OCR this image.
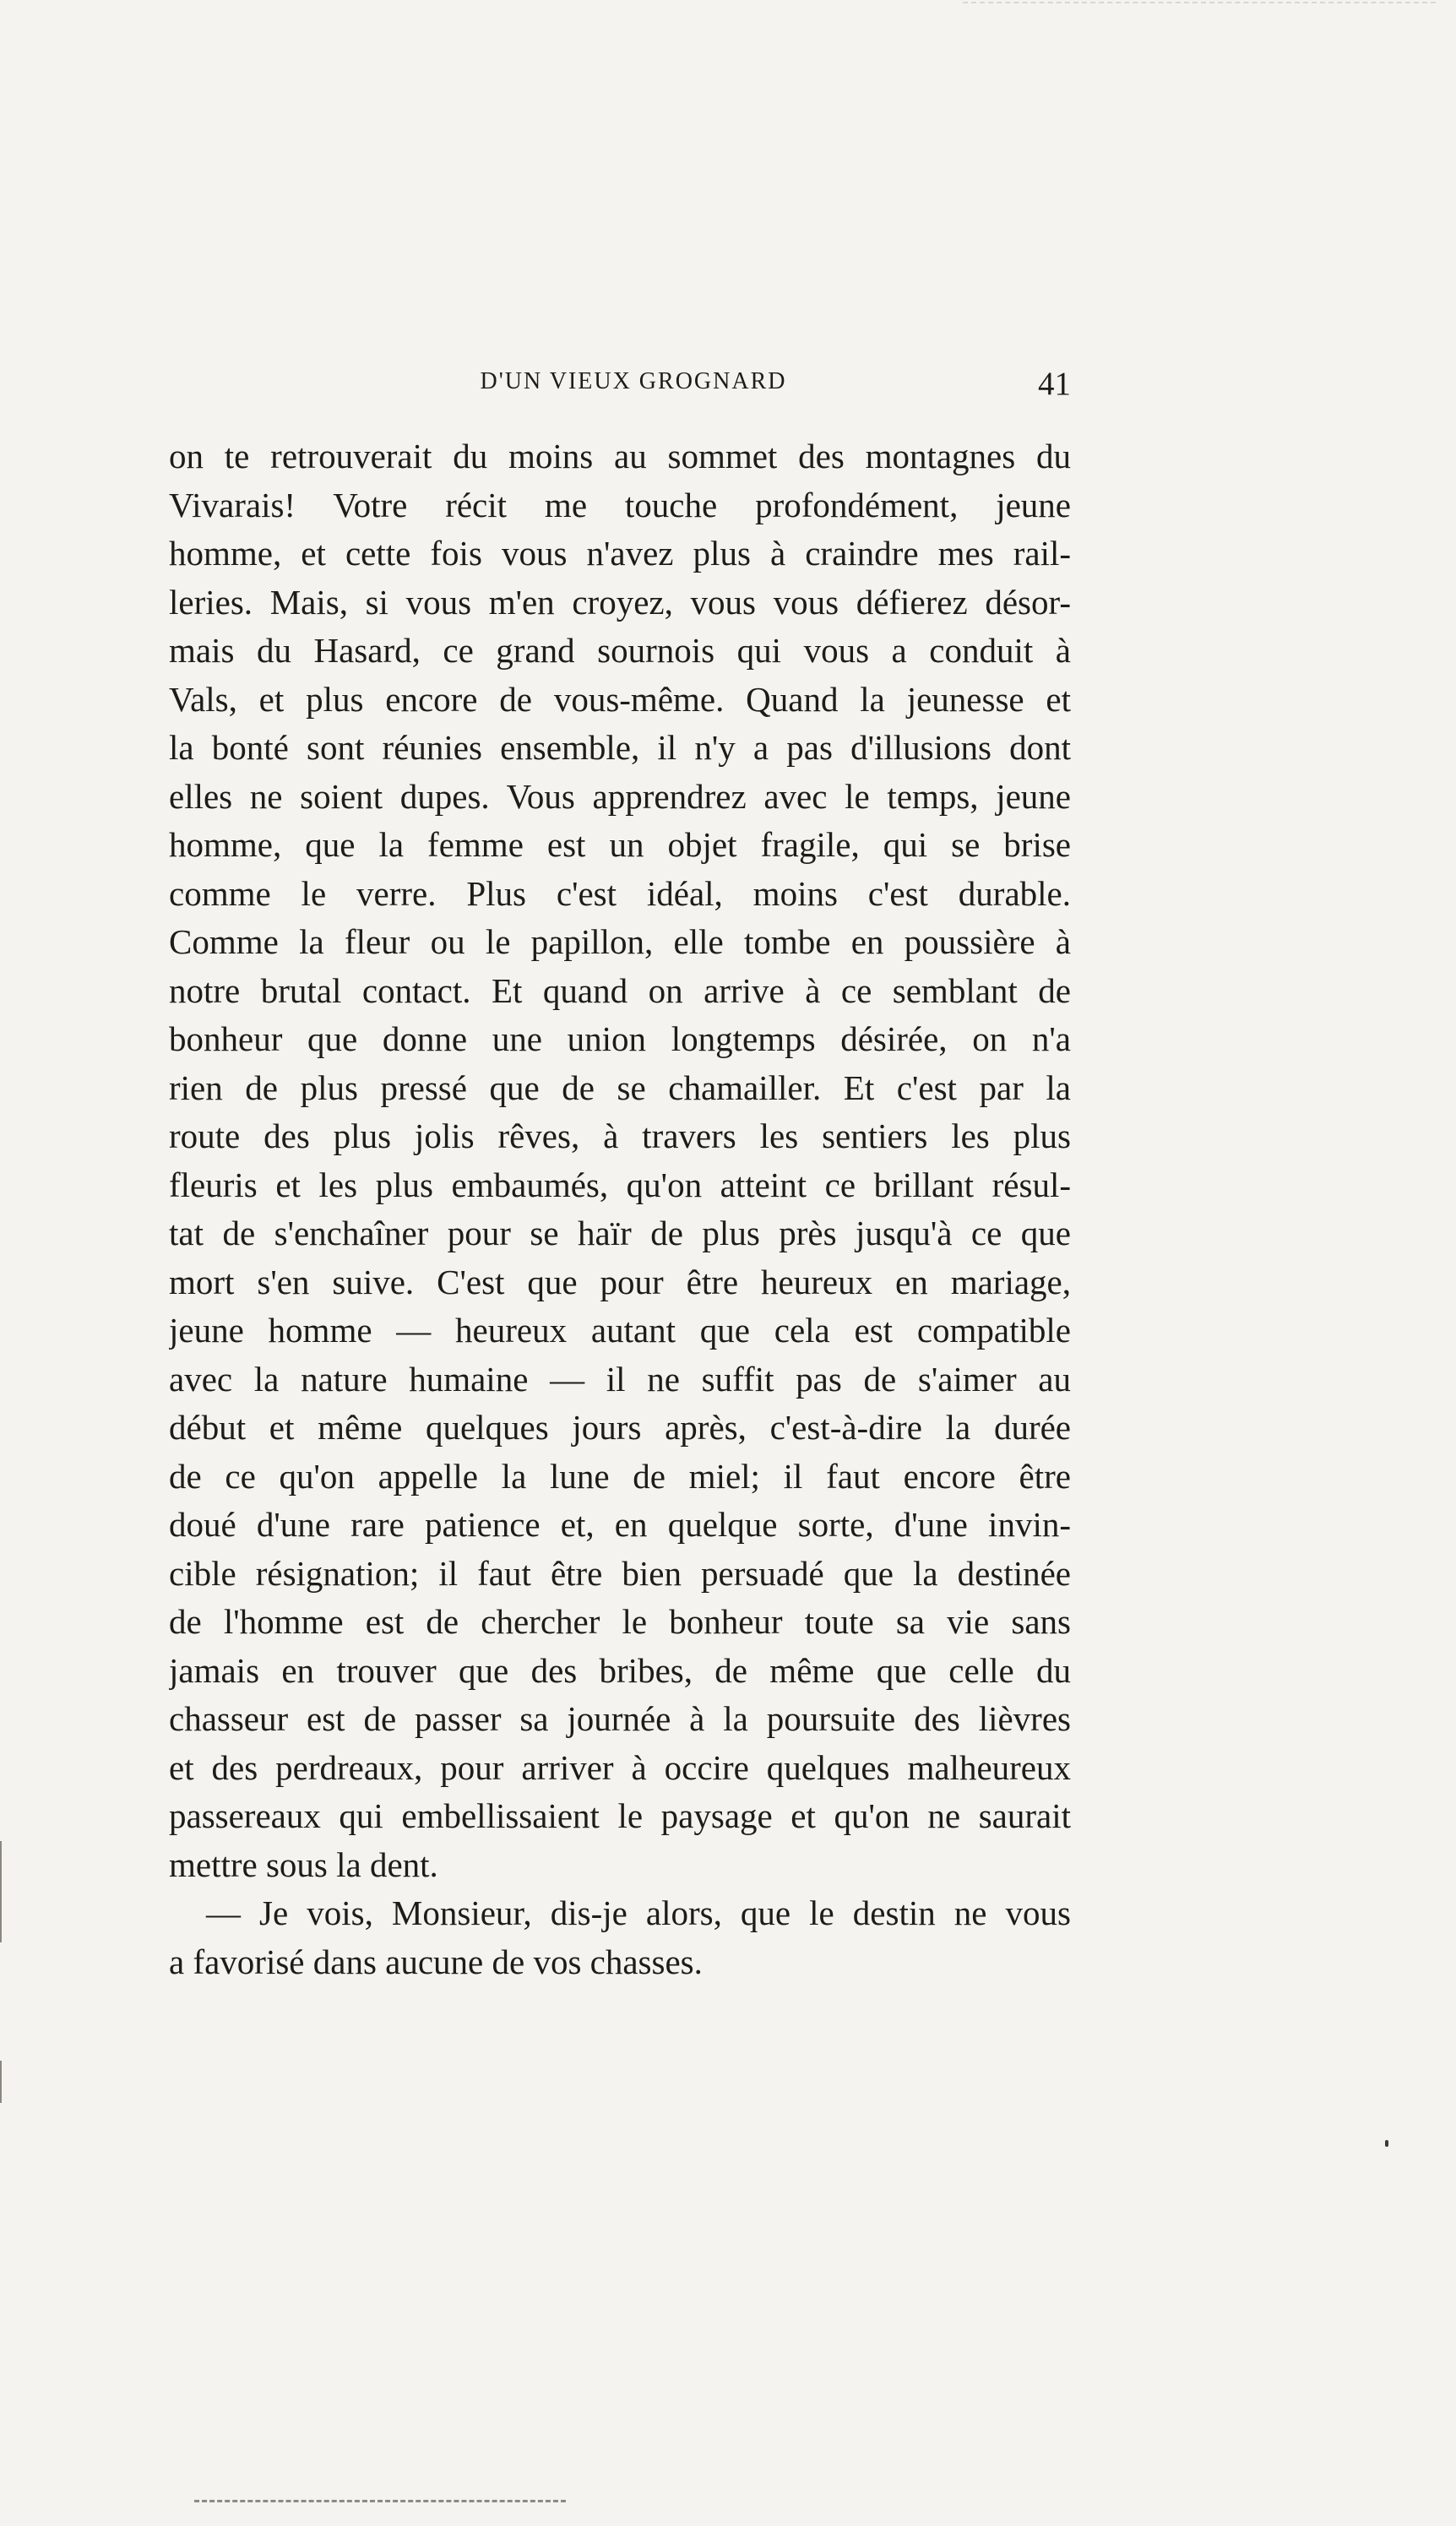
D'UN VIEUX GROGNARD	41
on te retrouverait du moins au sommet des montagnes du
Vivarais! Votre récit me touche profondément, jeune
homme, et cette fois vous n'avez plus à craindre mes rail-
leries. Mais, si vous m'en croyez, vous vous défierez désor-
mais du Hasard, ce grand sournois qui vous a conduit à
Vals, et plus encore de vous-même. Quand la jeunesse et
la bonté sont réunies ensemble, il n'y a pas d'illusions dont
elles ne soient dupes. Vous apprendrez avec le temps, jeune
homme, que la femme est un objet fragile, qui se brise
comme le verre. Plus c'est idéal, moins c'est durable.
Comme la fleur ou le papillon, elle tombe en poussière à
notre brutal contact. Et quand on arrive à ce semblant de
bonheur que donne une union longtemps désirée, on n'a
rien de plus pressé que de se chamailler. Et c'est par la
route des plus jolis rêves, à travers les sentiers les plus
fleuris et les plus embaumés, qu'on atteint ce brillant résul-
tat de s'enchaîner pour se haïr de plus près jusqu'à ce que
mort s'en suive. C'est que pour être heureux en mariage,
jeune homme — heureux autant que cela est compatible
avec la nature humaine — il ne suffit pas de s'aimer au
début et même quelques jours après, c'est-à-dire la durée
de ce qu'on appelle la lune de miel; il faut encore être
doué d'une rare patience et, en quelque sorte, d'une invin-
cible résignation; il faut être bien persuadé que la destinée
de l'homme est de chercher le bonheur toute sa vie sans
jamais en trouver que des bribes, de même que celle du
chasseur est de passer sa journée à la poursuite des lièvres
et des perdreaux, pour arriver à occire quelques malheureux
passereaux qui embellissaient le paysage et qu'on ne saurait
mettre sous la dent.
— Je vois, Monsieur, dis-je alors, que le destin ne vous
a favorisé dans aucune de vos chasses.
